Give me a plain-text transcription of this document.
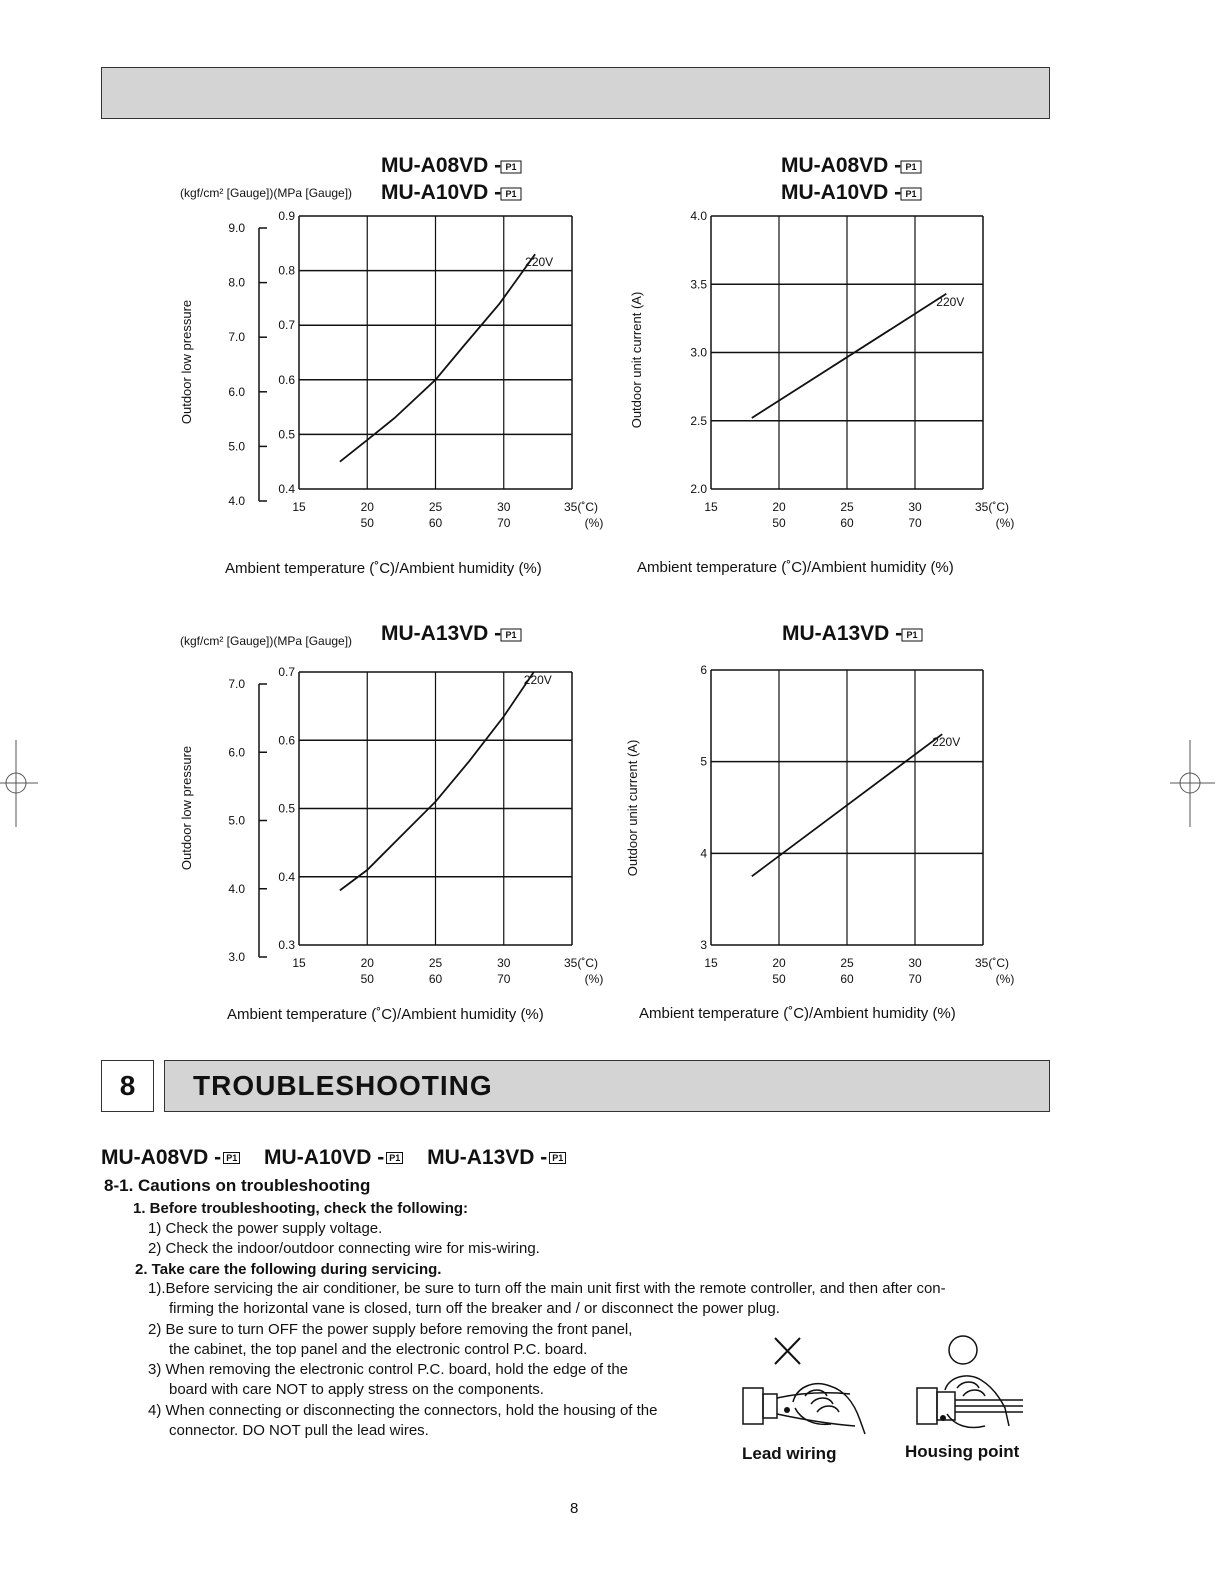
MU-A08VD - P1
MU-A10VD - P1
(kgf/cm² [Gauge])(MPa [Gauge])
0.4
0.5
0.6
0.7
0.8
0.9
4.0
5.0
6.0
7.0
8.0
9.0
15	20	25	30	35(˚C)
50	60	70	(%)
Outdoor low pressure
Ambient temperature (˚C)/Ambient humidity (%)
220V
MU-A08VD - P1
MU-A10VD - P1
2.0
2.5
3.0
3.5
4.0
15	20	25	30	35(˚C)
50	60	70	(%)
Outdoor unit current (A)
Ambient temperature (˚C)/Ambient humidity (%)
220V
MU-A13VD - P1
(kgf/cm² [Gauge])(MPa [Gauge])
0.3
0.4
0.5
0.6
0.7
3.0
4.0
5.0
6.0
7.0
15	20	25	30	35(˚C)
50	60	70	(%)
Outdoor low pressure
Ambient temperature (˚C)/Ambient humidity (%)
220V
MU-A13VD - P1
3
4
5
6
15	20	25	30	35(˚C)
50	60	70	(%)
Outdoor unit current (A)
Ambient temperature (˚C)/Ambient humidity (%)
220V
8	TROUBLESHOOTING
MU-A08VD - P1 MU-A10VD - P1 MU-A13VD - P1
8-1. Cautions on troubleshooting
1. Before troubleshooting, check the following:
1) Check the power supply voltage.
2) Check the indoor/outdoor connecting wire for mis-wiring.
2. Take care the following during servicing.
1).Before servicing the air conditioner, be sure to turn off the main unit first with the remote controller, and then after con-
firming the horizontal vane is closed, turn off the breaker and / or disconnect the power plug.
2) Be sure to turn OFF the power supply before removing the front panel,
the cabinet, the top panel and the electronic control P.C. board.
3) When removing the electronic control P.C. board, hold the edge of the
board with care NOT to apply stress on the components.
4) When connecting or disconnecting the connectors, hold the housing of the
connector. DO NOT pull the lead wires.
Lead wiring	Housing point
8
